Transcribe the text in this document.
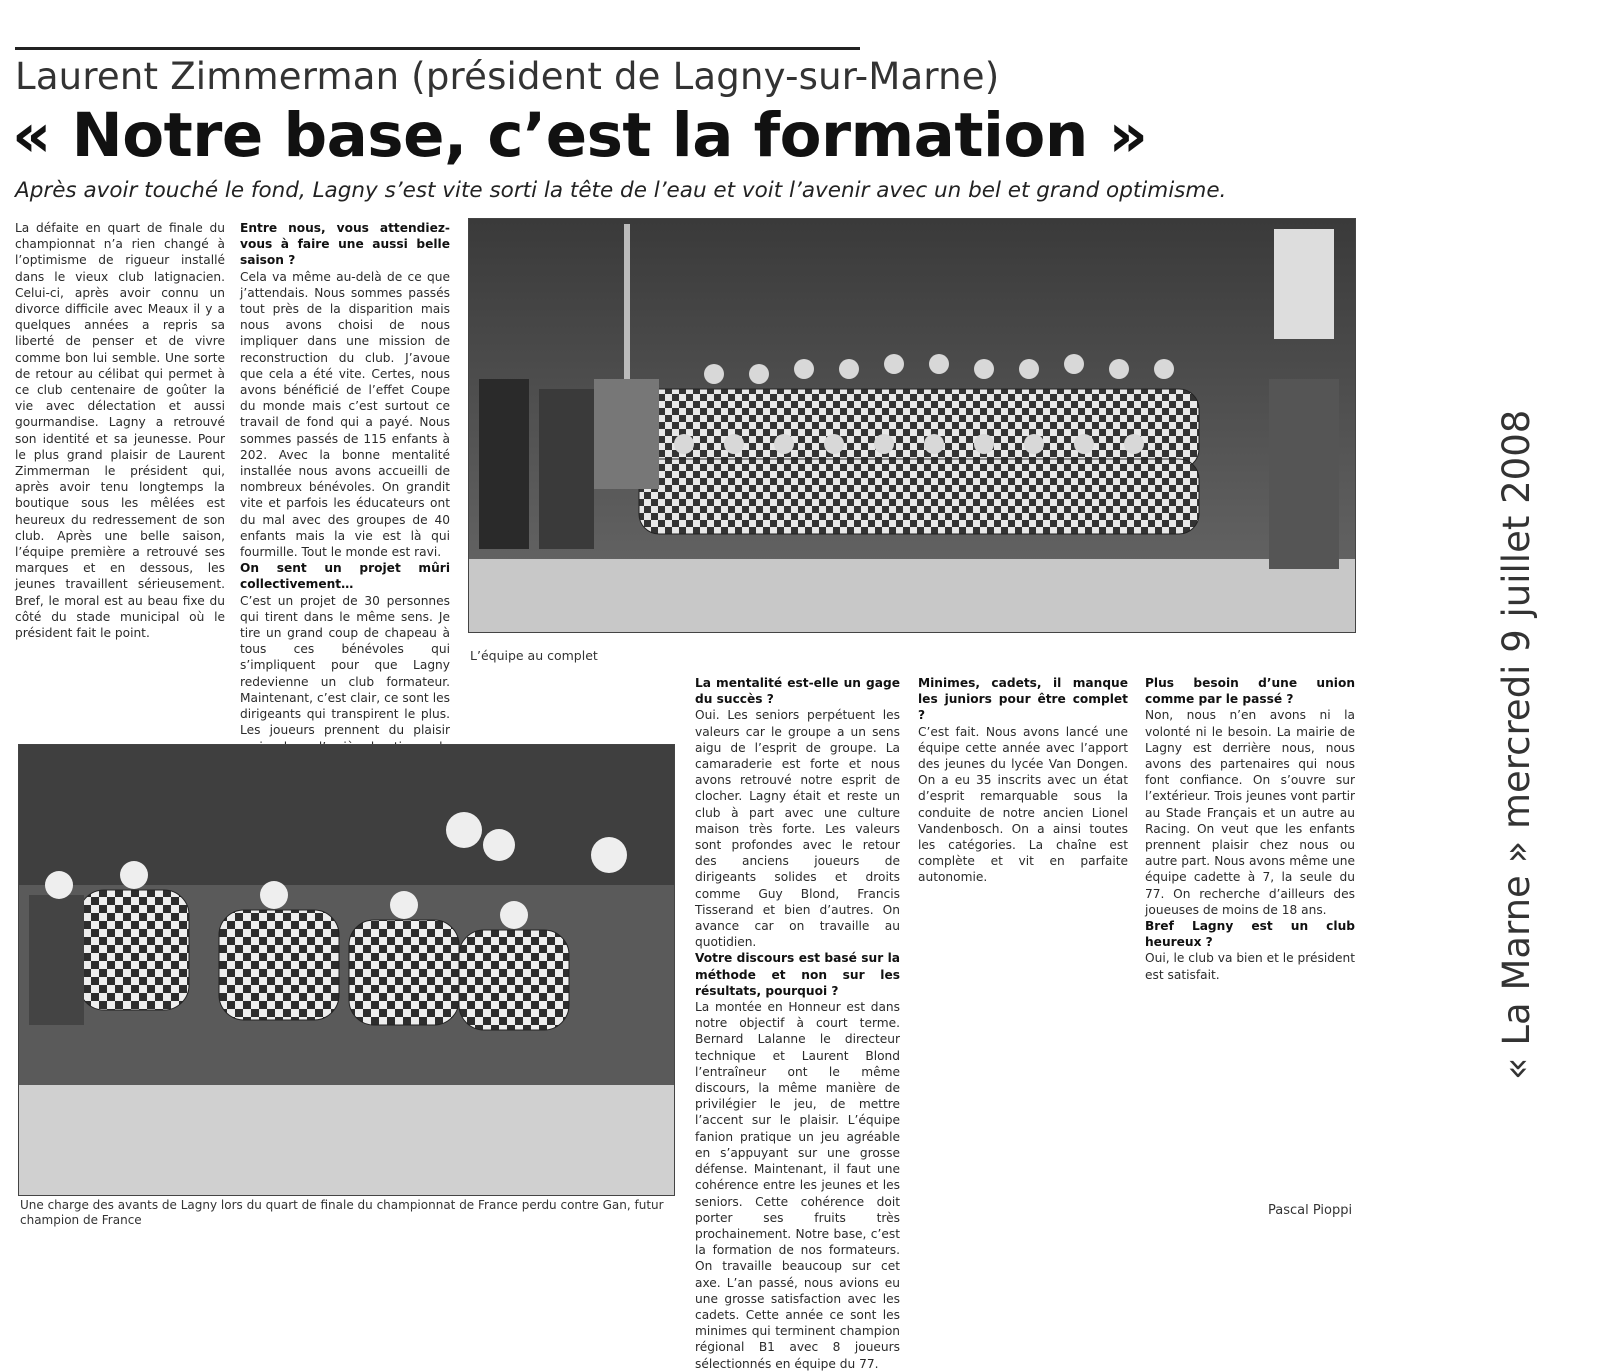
Laurent Zimmerman (président de Lagny-sur-Marne)
« Notre base, c’est la formation »
Après avoir touché le fond, Lagny s’est vite sorti la tête de l’eau et voit l’avenir avec un bel et grand optimisme.

La défaite en quart de finale du championnat n’a rien changé à l’optimisme de rigueur installé dans le vieux club latignacien. Celui-ci, après avoir connu un divorce difficile avec Meaux il y a quelques années a repris sa liberté de penser et de vivre comme bon lui semble. Une sorte de retour au célibat qui permet à ce club centenaire de goûter la vie avec délectation et aussi gourmandise. Lagny a retrouvé son identité et sa jeunesse. Pour le plus grand plaisir de Laurent Zimmerman le président qui, après avoir tenu longtemps la boutique sous les mêlées est heureux du redressement de son club. Après une belle saison, l’équipe première a retrouvé ses marques et en dessous, les jeunes travaillent sérieusement. Bref, le moral est au beau fixe du côté du stade municipal où le président fait le point.

Entre nous, vous attendiez-vous à faire une aussi belle saison ?

Cela va même au-delà de ce que j’attendais. Nous sommes passés tout près de la disparition mais nous avons choisi de nous impliquer dans une mission de reconstruction du club. J’avoue que cela a été vite. Certes, nous avons bénéficié de l’effet Coupe du monde mais c’est surtout ce travail de fond qui a payé. Nous sommes passés de 115 enfants à 202. Avec la bonne mentalité installée nous avons accueilli de nombreux bénévoles. On grandit vite et parfois les éducateurs ont du mal avec des groupes de 40 enfants mais la vie est là qui fourmille. Tout le monde est ravi.

On sent un projet mûri collectivement…

C’est un projet de 30 personnes qui tirent dans le même sens. Je tire un grand coup de chapeau à tous ces bénévoles qui s’impliquent pour que Lagny redevienne un club formateur. Maintenant, c’est clair, ce sont les dirigeants qui transpirent le plus. Les joueurs prennent du plaisir

L’équipe au complet
Une charge des avants de Lagny lors du quart de finale du championnat de France perdu contre Gan, futur champion de France

La mentalité est-elle un gage du succès ?

Oui. Les seniors perpétuent les valeurs car le groupe a un sens aigu de l’esprit de groupe. La camaraderie est forte et nous avons retrouvé notre esprit de clocher. Lagny était et reste un club à part avec une culture maison très forte. Les valeurs sont profondes avec le retour des anciens joueurs de dirigeants solides et droits comme Guy Blond, Francis Tisserand et bien d’autres. On avance car on travaille au quotidien.

Votre discours est basé sur la méthode et non sur les résultats, pourquoi ?

La montée en Honneur est dans notre objectif à court terme. Bernard Lalanne le directeur technique et Laurent Blond l’entraîneur ont le même discours, la même manière de privilégier le jeu, de mettre l’accent sur le plaisir. L’équipe fanion pratique un jeu agréable en s’appuyant sur une grosse défense. Maintenant, il faut une cohérence entre les jeunes et les seniors. Cette cohérence doit porter ses fruits très prochainement. Notre base, c’est la formation de nos formateurs. On travaille beaucoup sur cet axe. L’an passé, nous avions eu une grosse satisfaction avec les cadets. Cette année ce sont les minimes qui terminent champion régional B1 avec 8 joueurs sélectionnés en équipe du 77.

Minimes, cadets, il manque les juniors pour être complet ?

C’est fait. Nous avons lancé une équipe cette année avec l’apport des jeunes du lycée Van Dongen. On a eu 35 inscrits avec un état d’esprit remarquable sous la conduite de notre ancien Lionel Vandenbosch. On a ainsi toutes les catégories. La chaîne est complète et vit en parfaite autonomie.

Plus besoin d’une union comme par le passé ?

Non, nous n’en avons ni la volonté ni le besoin. La mairie de Lagny est derrière nous, nous avons des partenaires qui nous font confiance. On s’ouvre sur l’extérieur. Trois jeunes vont partir au Stade Français et un autre au Racing. On veut que les enfants prennent plaisir chez nous ou autre part. Nous avons même une équipe cadette à 7, la seule du 77. On recherche d’ailleurs des joueuses de moins de 18 ans.

Bref Lagny est un club heureux ?

Oui, le club va bien et le président est satisfait.

Pascal Pioppi
« La Marne » mercredi 9 juillet 2008
